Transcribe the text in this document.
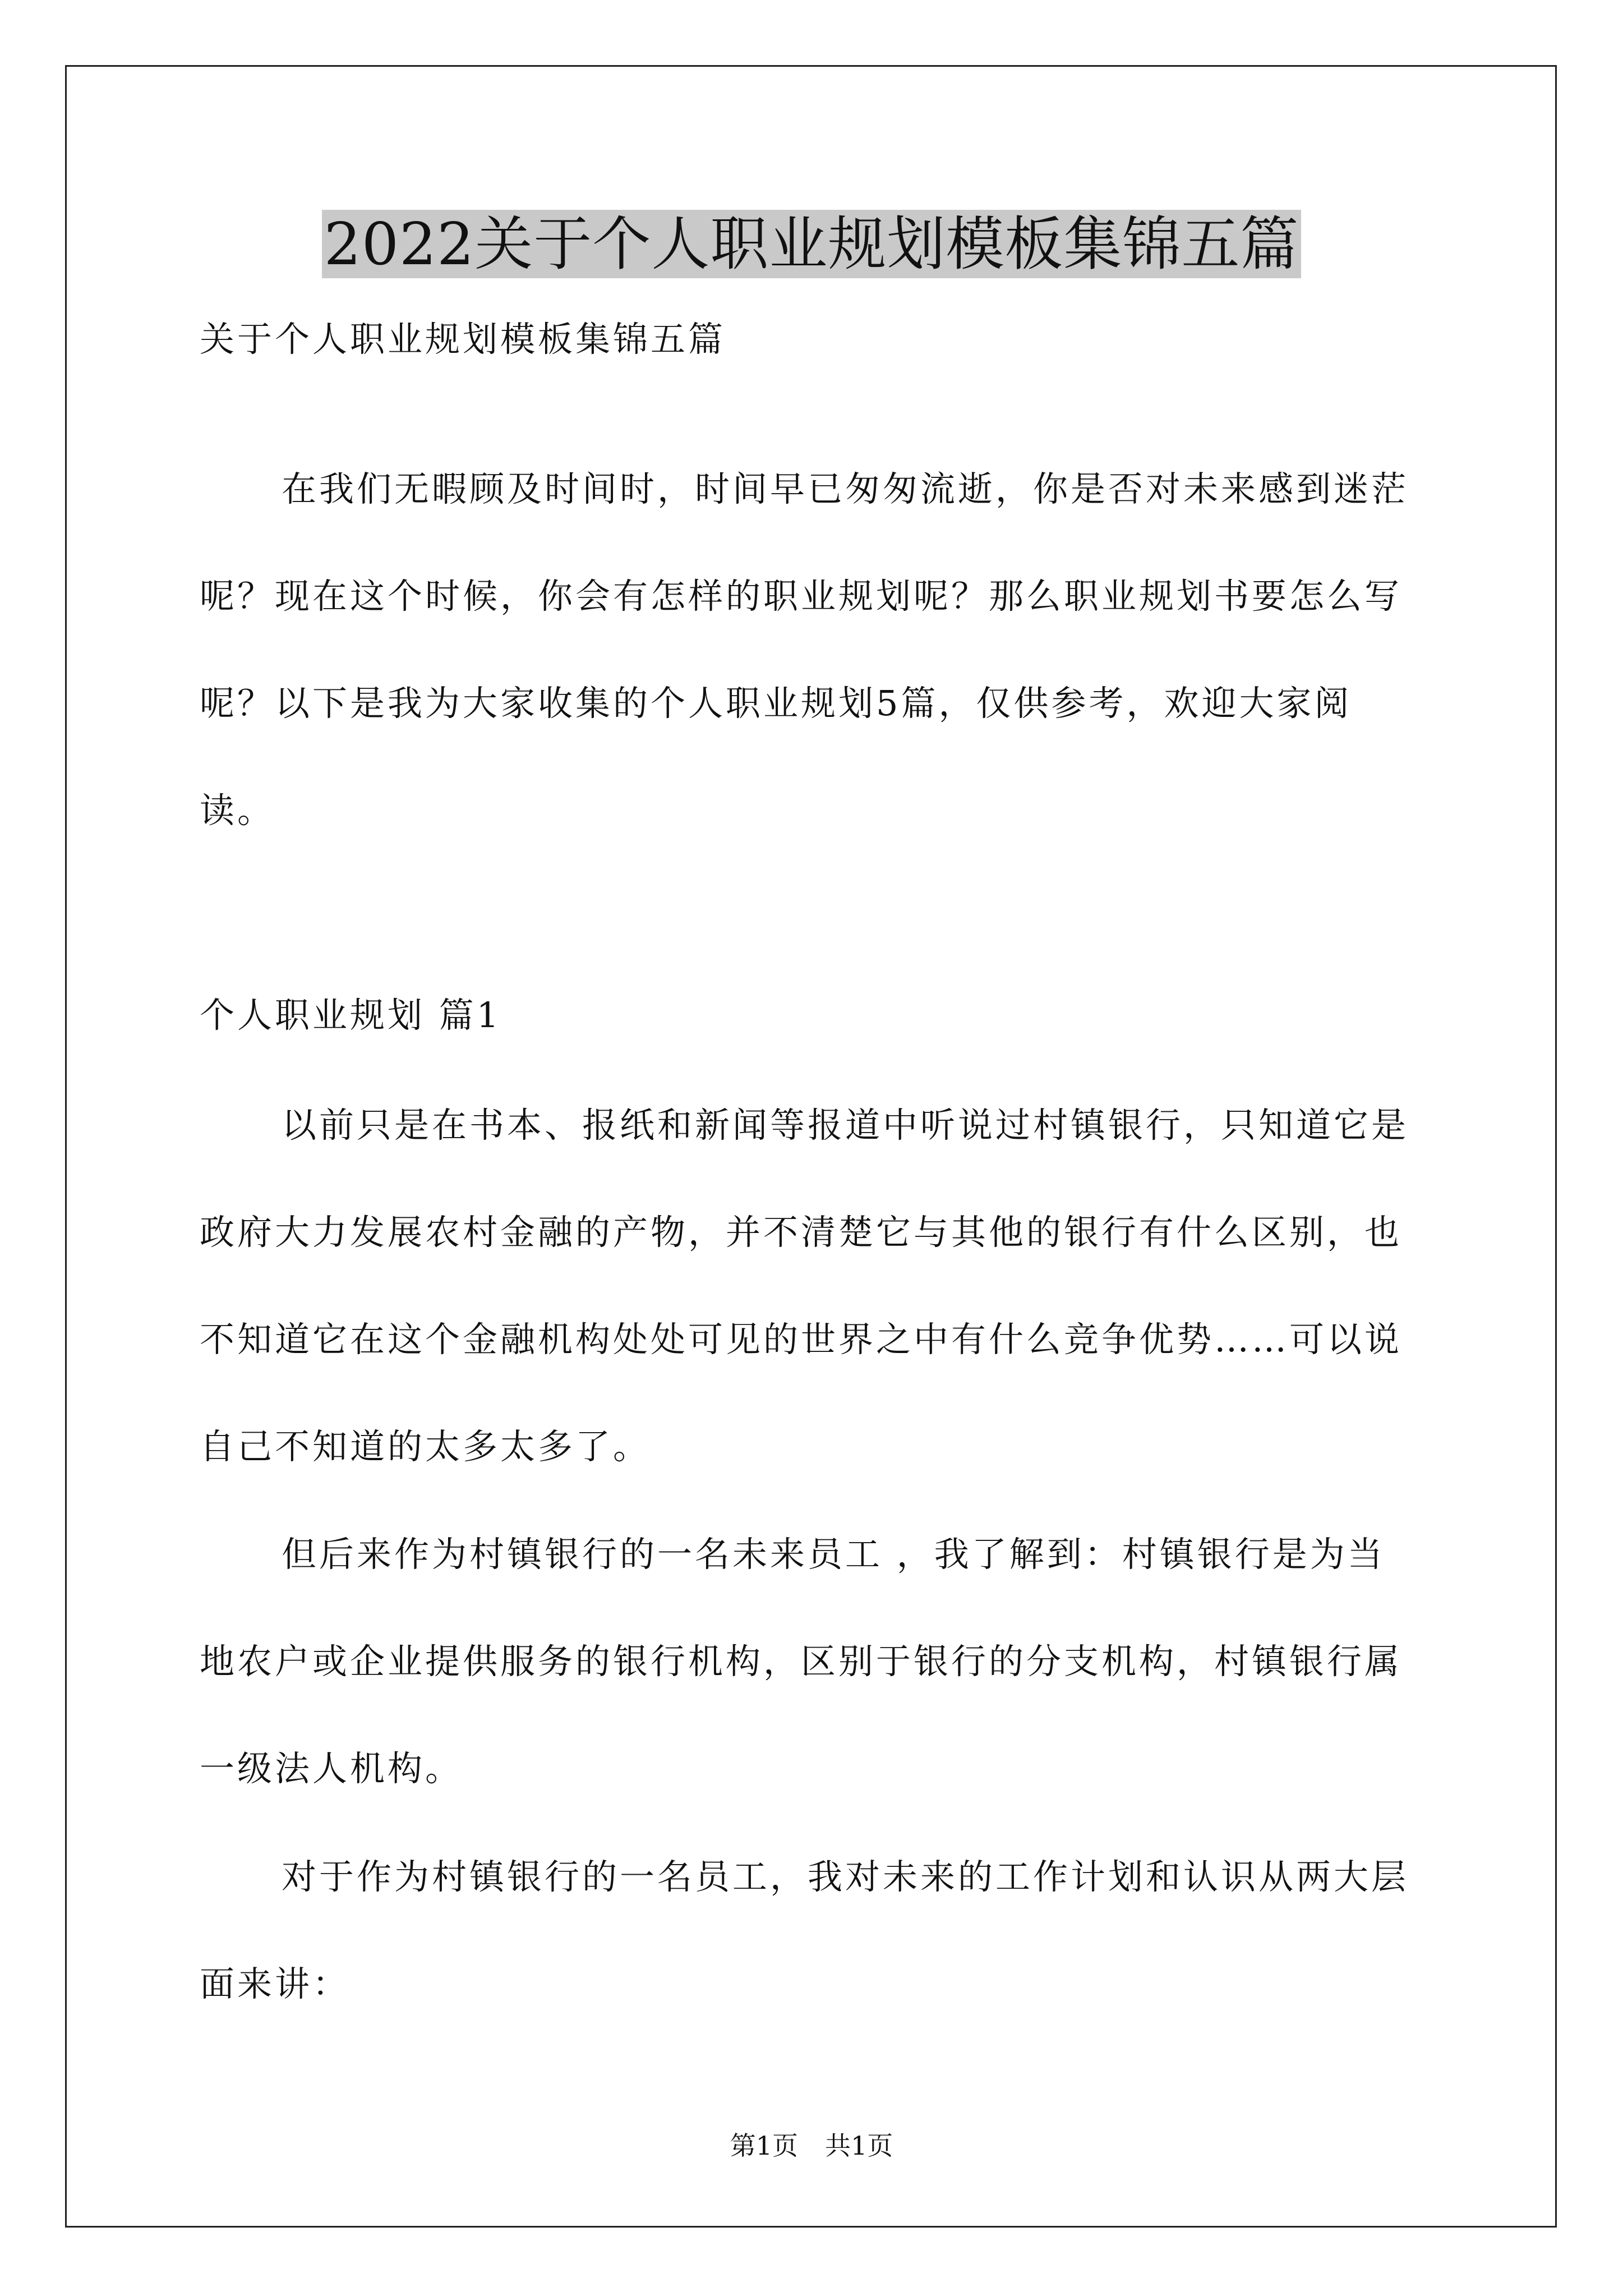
2022关于个人职业规划模板集锦五篇

关于个人职业规划模板集锦五篇

在我们无暇顾及时间时，时间早已匆匆流逝，你是否对未来感到迷茫呢？现在这个时候，你会有怎样的职业规划呢？那么职业规划书要怎么写呢？以下是我为大家收集的个人职业规划5篇，仅供参考，欢迎大家阅读。

个人职业规划 篇1

以前只是在书本、报纸和新闻等报道中听说过村镇银行，只知道它是政府大力发展农村金融的产物，并不清楚它与其他的银行有什么区别，也不知道它在这个金融机构处处可见的世界之中有什么竞争优势……可以说自己不知道的太多太多了。

但后来作为村镇银行的一名未来员工 ，我了解到：村镇银行是为当地农户或企业提供服务的银行机构，区别于银行的分支机构，村镇银行属一级法人机构。

对于作为村镇银行的一名员工，我对未来的工作计划和认识从两大层面来讲：

第1页 共1页
